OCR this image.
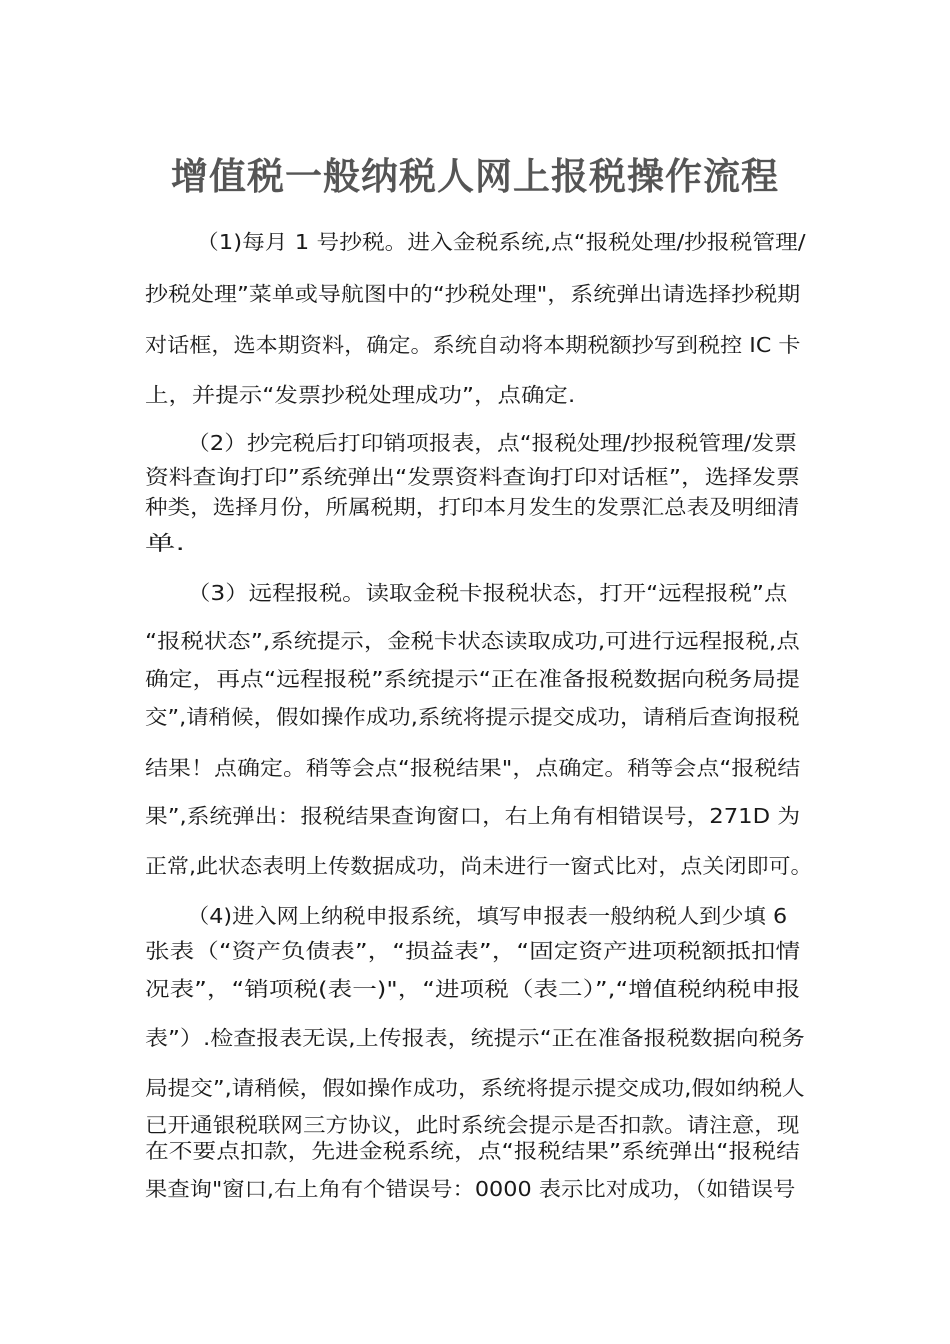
增值税一般纳税人网上报税操作流程
（1)每月 1 号抄税。进入金税系统,点“报税处理/抄报税管理/
抄税处理”菜单或导航图中的“抄税处理"，系统弹出请选择抄税期
对话框，选本期资料，确定。系统自动将本期税额抄写到税控 IC 卡
上，并提示“发票抄税处理成功”，点确定.
（2）抄完税后打印销项报表，点“报税处理/抄报税管理/发票
资料查询打印”系统弹出“发票资料查询打印对话框”，选择发票
种类，选择月份，所属税期，打印本月发生的发票汇总表及明细清
单.
（3）远程报税。读取金税卡报税状态，打开“远程报税”点
“报税状态”,系统提示，金税卡状态读取成功,可进行远程报税,点
确定，再点“远程报税”系统提示“正在准备报税数据向税务局提
交”,请稍候，假如操作成功,系统将提示提交成功，请稍后查询报税
结果！点确定。稍等会点“报税结果"，点确定。稍等会点“报税结
果”,系统弹出：报税结果查询窗口，右上角有相错误号，271D 为
正常,此状态表明上传数据成功，尚未进行一窗式比对，点关闭即可。
（4)进入网上纳税申报系统，填写申报表一般纳税人到少填 6
张表（“资产负债表”，“损益表”，“固定资产进项税额抵扣情
况表”，“销项税(表一)"，“进项税（表二）”,“增值税纳税申报
表”）.检查报表无误,上传报表，统提示“正在准备报税数据向税务
局提交”,请稍候，假如操作成功，系统将提示提交成功,假如纳税人
已开通银税联网三方协议，此时系统会提示是否扣款。请注意，现
在不要点扣款，先进金税系统，点“报税结果”系统弹出“报税结
果查询"窗口,右上角有个错误号：0000 表示比对成功，（如错误号
